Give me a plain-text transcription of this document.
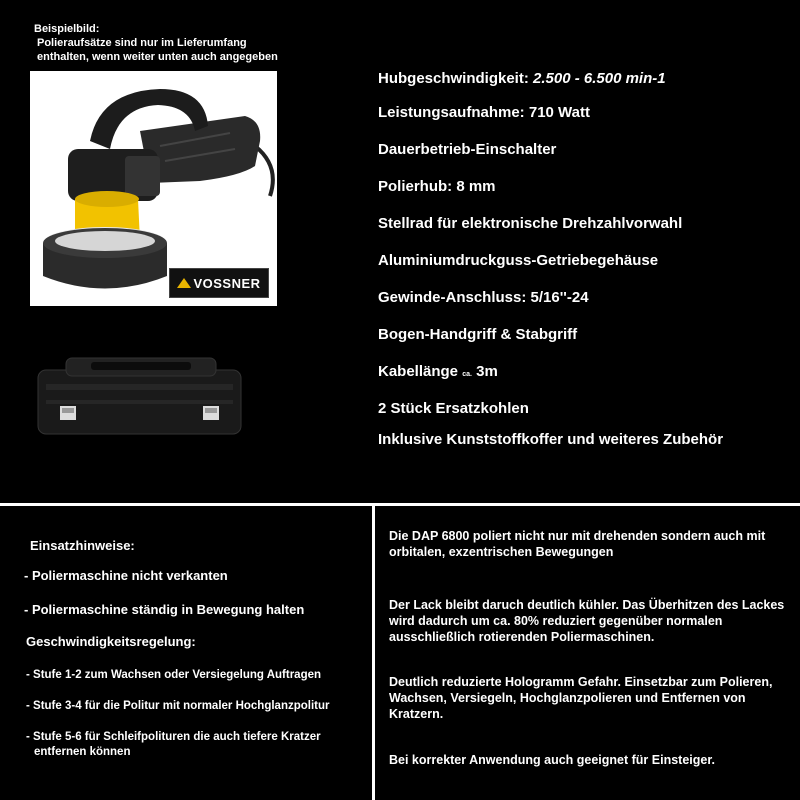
Beispielbild:
Polieraufsätze sind nur im Lieferumfang
enthalten, wenn weiter unten auch angegeben
VOSSNER
Hubgeschwindigkeit: 2.500 - 6.500 min-1
Leistungsaufnahme: 710 Watt
Dauerbetrieb-Einschalter
Polierhub: 8 mm
Stellrad für elektronische Drehzahlvorwahl
Aluminiumdruckguss-Getriebegehäuse
Gewinde-Anschluss: 5/16''-24
Bogen-Handgriff & Stabgriff
Kabellänge ca. 3m
2 Stück Ersatzkohlen
Inklusive Kunststoffkoffer und weiteres Zubehör
Einsatzhinweise:
- Poliermaschine nicht verkanten
- Poliermaschine ständig in Bewegung halten
Geschwindigkeitsregelung:
- Stufe 1-2 zum Wachsen oder Versiegelung Auftragen
- Stufe 3-4 für die Politur mit normaler Hochglanzpolitur
- Stufe 5-6 für Schleifpolituren die auch tiefere Kratzer
entfernen können
Die DAP 6800 poliert nicht nur mit drehenden sondern auch mit orbitalen, exzentrischen Bewegungen
Der Lack bleibt daruch deutlich kühler. Das Überhitzen des Lackes wird dadurch um ca. 80% reduziert gegenüber normalen ausschließlich rotierenden Poliermaschinen.
Deutlich reduzierte Hologramm Gefahr. Einsetzbar zum Polieren, Wachsen, Versiegeln, Hochglanzpolieren und Entfernen von Kratzern.
Bei korrekter Anwendung auch geeignet für Einsteiger.
